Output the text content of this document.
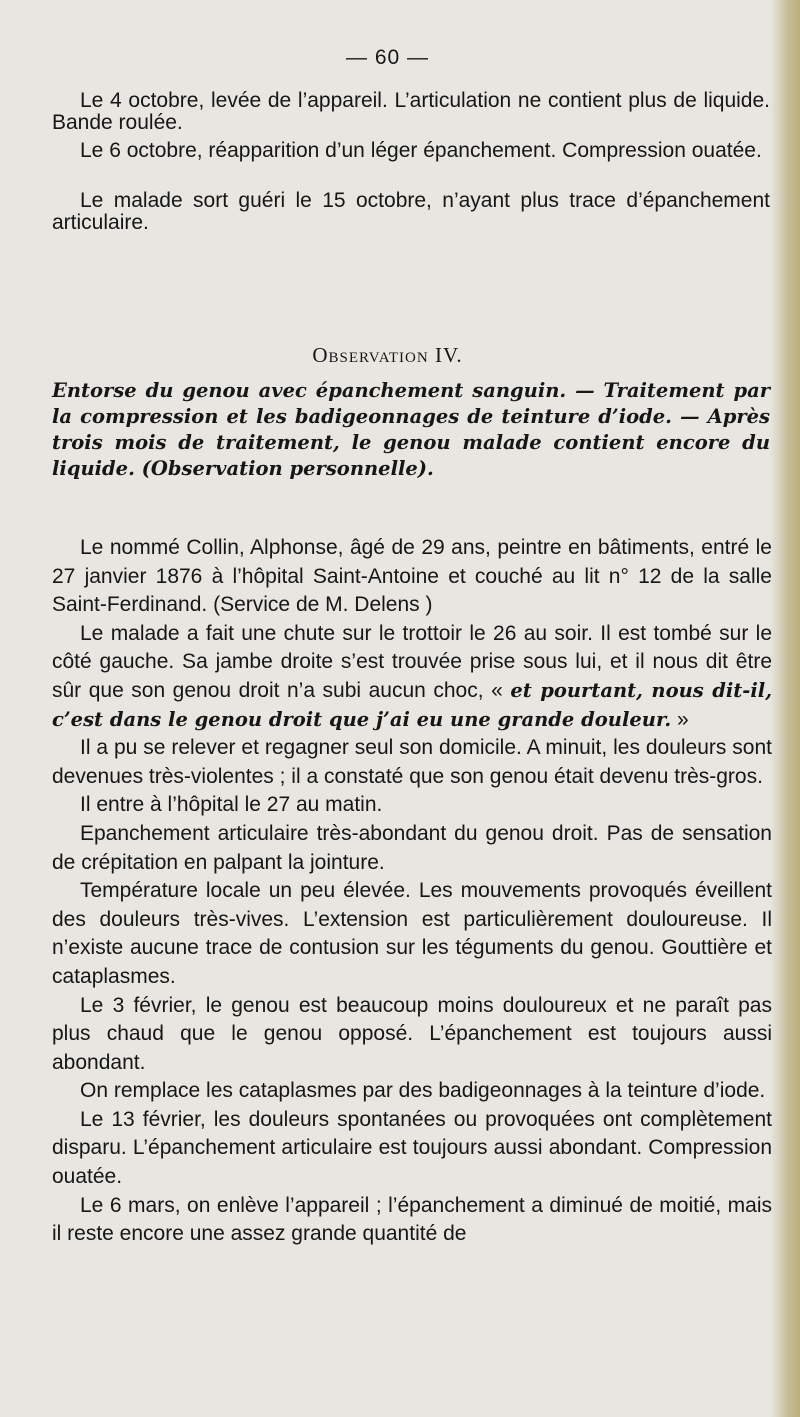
— 60 —
Le 4 octobre, levée de l’appareil. L’articulation ne contient plus de liquide. Bande roulée.
Le 6 octobre, réapparition d’un léger épanchement. Compression ouatée.
Le malade sort guéri le 15 octobre, n’ayant plus trace d’épanchement articulaire.
Observation IV.
Entorse du genou avec épanchement sanguin. — Traitement par la compression et les badigeonnages de teinture d’iode. — Après trois mois de traitement, le genou malade contient encore du liquide. (Observation personnelle).

Le nommé Collin, Alphonse, âgé de 29 ans, peintre en bâtiments, entré le 27 janvier 1876 à l’hôpital Saint-Antoine et couché au lit n° 12 de la salle Saint-Ferdinand. (Service de M. Delens )

Le malade a fait une chute sur le trottoir le 26 au soir. Il est tombé sur le côté gauche. Sa jambe droite s’est trouvée prise sous lui, et il nous dit être sûr que son genou droit n’a subi aucun choc, « et pourtant, nous dit-il, c’est dans le genou droit que j’ai eu une grande douleur. »

Il a pu se relever et regagner seul son domicile. A minuit, les douleurs sont devenues très-violentes ; il a constaté que son genou était devenu très-gros.

Il entre à l’hôpital le 27 au matin.

Epanchement articulaire très-abondant du genou droit. Pas de sensation de crépitation en palpant la jointure.

Température locale un peu élevée. Les mouvements provoqués éveillent des douleurs très-vives. L’extension est particulièrement douloureuse. Il n’existe aucune trace de contusion sur les téguments du genou. Gouttière et cataplasmes.

Le 3 février, le genou est beaucoup moins douloureux et ne paraît pas plus chaud que le genou opposé. L’épanchement est toujours aussi abondant.

On remplace les cataplasmes par des badigeonnages à la teinture d’iode.

Le 13 février, les douleurs spontanées ou provoquées ont complètement disparu. L’épanchement articulaire est toujours aussi abondant. Compression ouatée.

Le 6 mars, on enlève l’appareil ; l’épanchement a diminué de moitié, mais il reste encore une assez grande quantité de
